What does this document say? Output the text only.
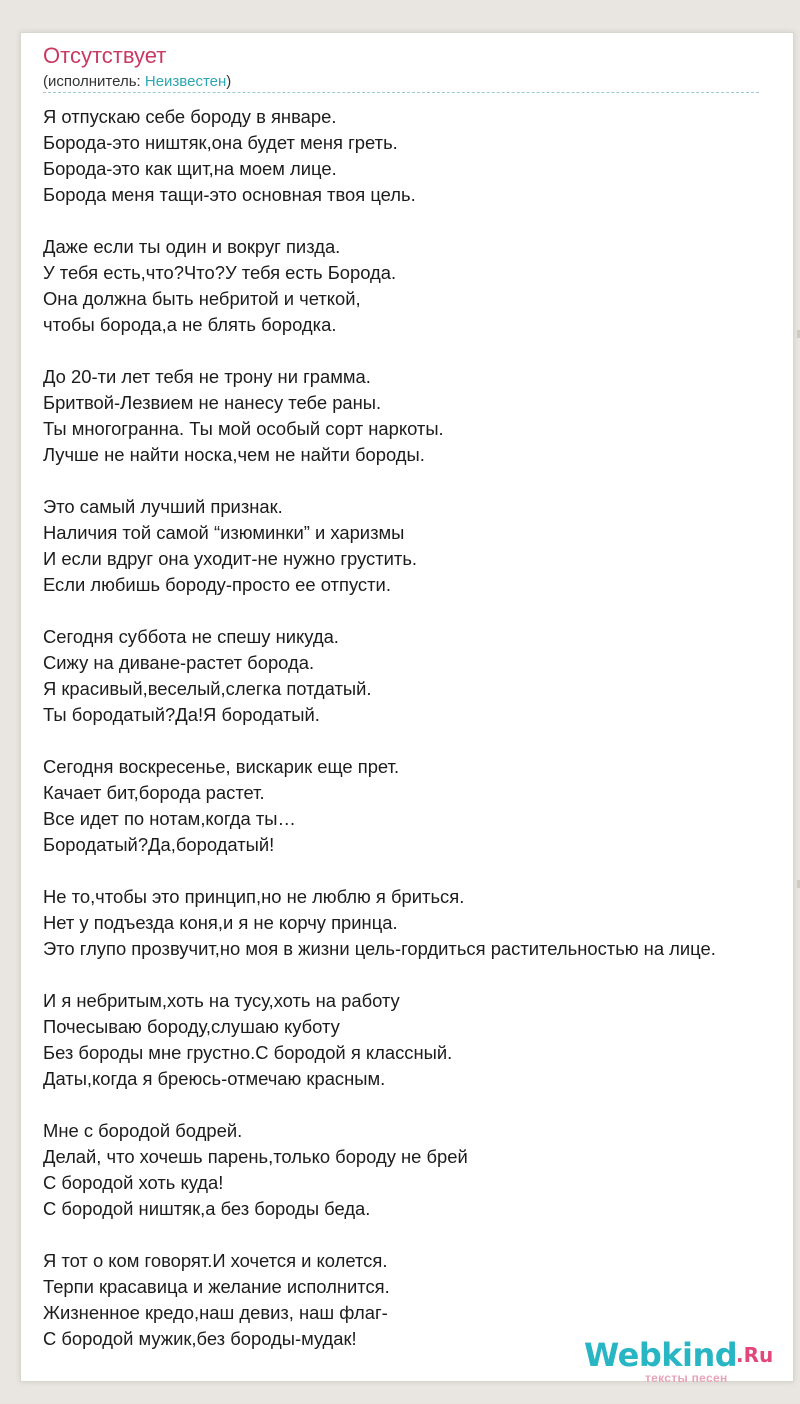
Отсутствует
(исполнитель: Неизвестен)
Я отпускаю себе бороду в январе.
Борода-это ништяк,она будет меня греть.
Борода-это как щит,на моем лице.
Борода меня тащи-это основная твоя цель.
Даже если ты один и вокруг пизда.
У тебя есть,что?Что?У тебя есть Борода.
Она должна быть небритой и четкой,
чтобы борода,а не блять бородка.
До 20-ти лет тебя не трону ни грамма.
Бритвой-Лезвием не нанесу тебе раны.
Ты многогранна. Ты мой особый сорт наркоты.
Лучше не найти носка,чем не найти бороды.
Это самый лучший признак.
Наличия той самой “изюминки” и харизмы
И если вдруг она уходит-не нужно грустить.
Если любишь бороду-просто ее отпусти.
Сегодня суббота не спешу никуда.
Сижу на диване-растет борода.
Я красивый,веселый,слегка потдатый.
Ты бородатый?Да!Я бородатый.
Сегодня воскресенье, вискарик еще прет.
Качает бит,борода растет.
Все идет по нотам,когда ты…
Бородатый?Да,бородатый!
Не то,чтобы это принцип,но не люблю я бриться.
Нет у подъезда коня,и я не корчу принца.
Это глупо прозвучит,но моя в жизни цель-гордиться растительностью на лице.
И я небритым,хоть на тусу,хоть на работу
Почесываю бороду,слушаю куботу
Без бороды мне грустно.С бородой я классный.
Даты,когда я бреюсь-отмечаю красным.
Мне с бородой бодрей.
Делай, что хочешь парень,только бороду не брей
С бородой хоть куда!
С бородой ништяк,а без бороды беда.
Я тот о ком говорят.И хочется и колется.
Терпи красавица и желание исполнится.
Жизненное кредо,наш девиз, наш флаг-
С бородой мужик,без бороды-мудак!	Webkind
.Ru
тексты песен
